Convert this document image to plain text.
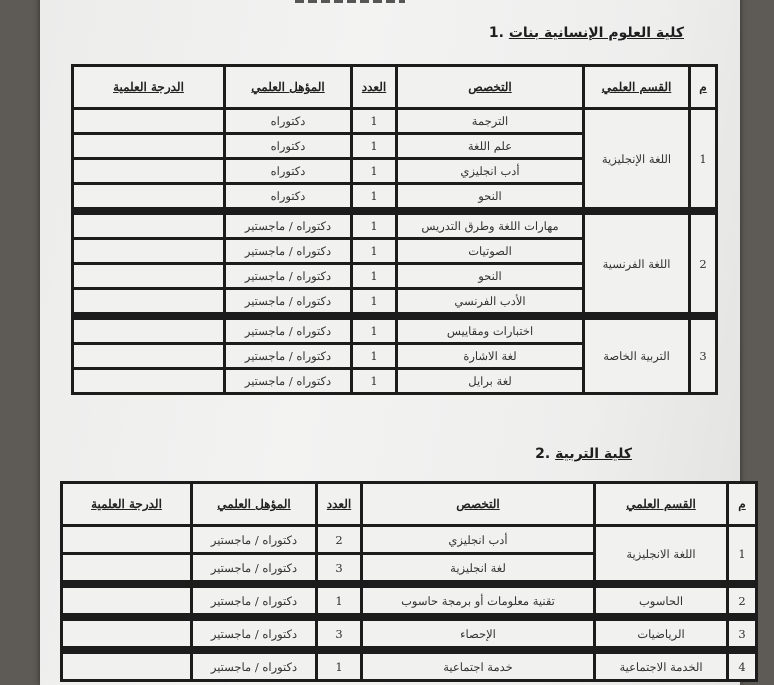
كلية العلوم الإنسانية بنات .1
م	القسم العلمي	التخصص	العدد	المؤهل العلمي	الدرجة العلمية
1	اللغة الإنجليزية	الترجمة	1	دكتوراه	
		علم اللغة	1	دكتوراه	
		أدب انجليزي	1	دكتوراه	
		النحو	1	دكتوراه	

2	اللغة الفرنسية	مهارات اللغة وطرق التدريس	1	دكتوراه / ماجستير	
		الصوتيات	1	دكتوراه / ماجستير	
		النحو	1	دكتوراه / ماجستير	
		الأدب الفرنسي	1	دكتوراه / ماجستير	

3	التربية الخاصة	اختبارات ومقاييس	1	دكتوراه / ماجستير	
		لغة الاشارة	1	دكتوراه / ماجستير	
		لغة برايل	1	دكتوراه / ماجستير	
كلية التربية .2
م	القسم العلمي	التخصص	العدد	المؤهل العلمي	الدرجة العلمية
1	اللغة الانجليزية	أدب انجليزي	2	دكتوراه / ماجستير	
		لغة انجليزية	3	دكتوراه / ماجستير	

2	الحاسوب	تقنية معلومات أو برمجة حاسوب	1	دكتوراه / ماجستير	

3	الرياضيات	الإحصاء	3	دكتوراه / ماجستير	

4	الخدمة الاجتماعية	خدمة اجتماعية	1	دكتوراه / ماجستير	
